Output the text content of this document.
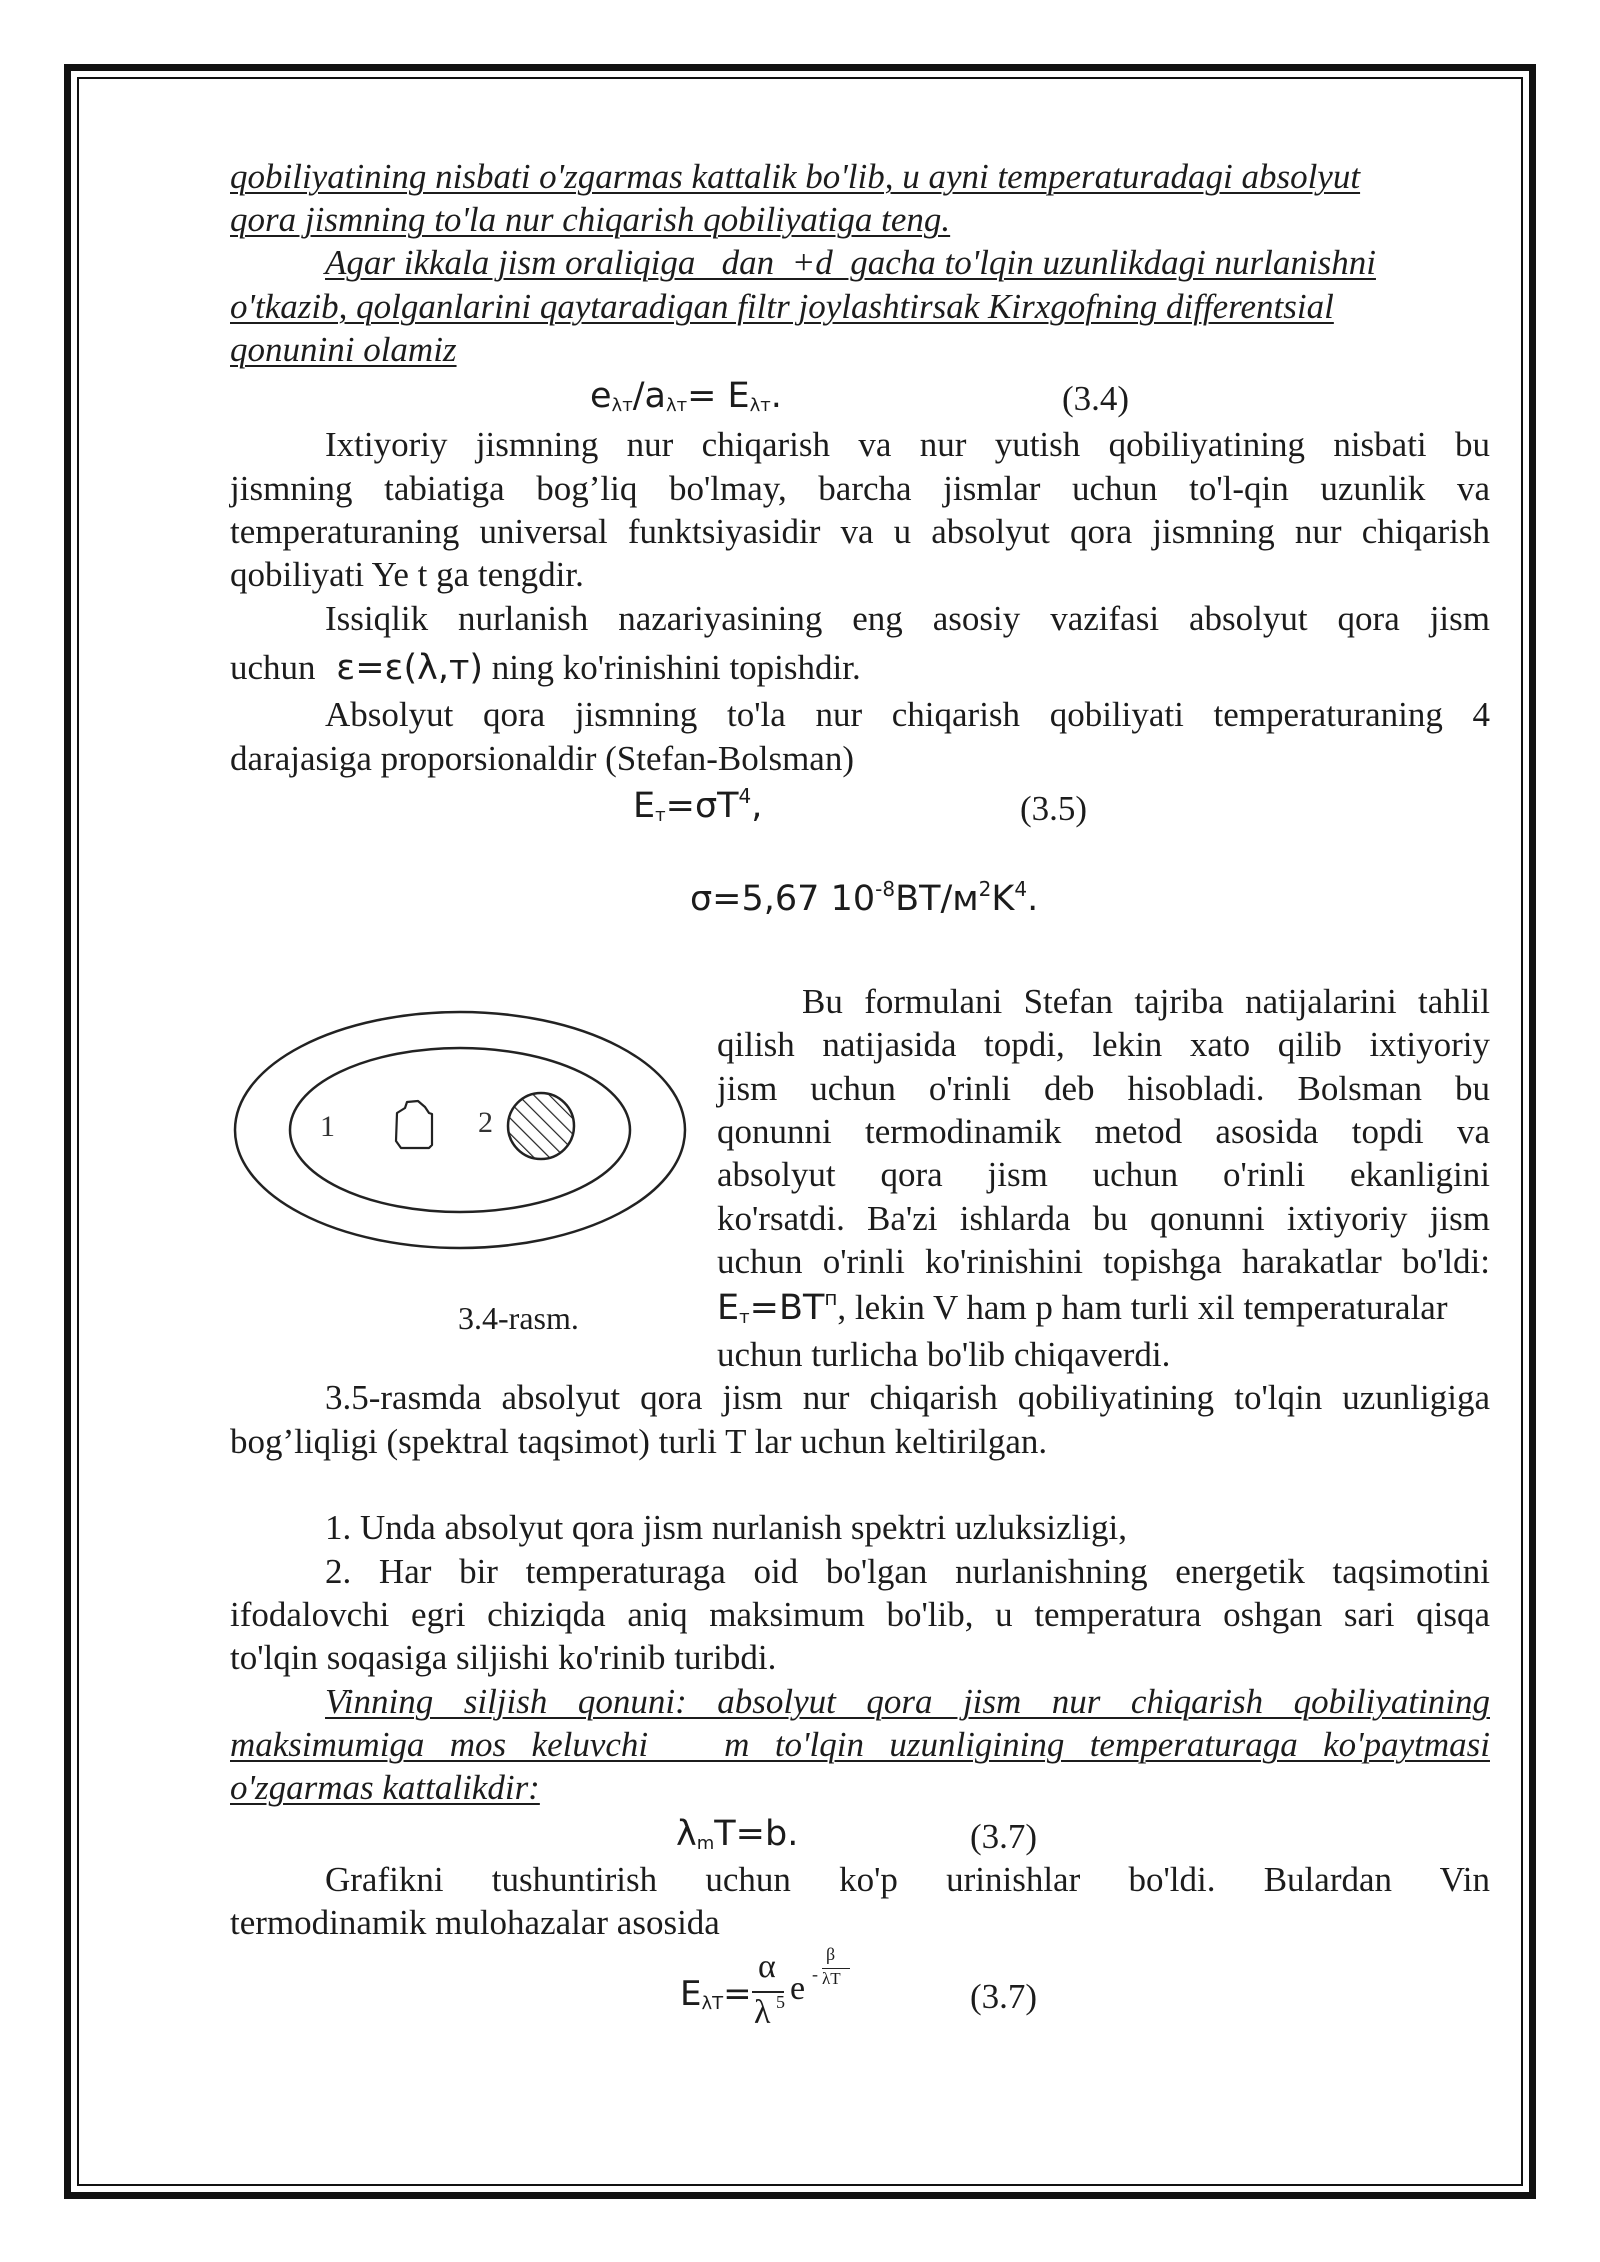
qobiliyatining nisbati o'zgarmas kattalik bo'lib, u ayni temperaturadagi absolyut
qora jismning to'la nur chiqarish qobiliyatiga teng.
Agar ikkala jism oraliqiga   dan  +d  gacha to'lqin uzunlikdagi nurlanishni
o'tkazib, qolganlarini qaytaradigan filtr joylashtirsak Kirxgofning differentsial
qonunini olamiz
$e_{\lambda т}/a_{\lambda т}= E_{\lambda т}$.	(3.4)
Ixtiyoriy jismning nur chiqarish va nur yutish qobiliyatining nisbati bu
jismning tabiatiga bog’liq bo'lmay, barcha jismlar uchun to'l-qin uzunlik va
temperaturaning universal funktsiyasidir va u absolyut qora jismning nur chiqarish
qobiliyati Ye t ga tengdir.
Issiqlik nurlanish nazariyasining eng asosiy vazifasi absolyut qora jism
uchun ε=ε(λ,т) ning ko'rinishini topishdir.
Absolyut qora jismning to'la nur chiqarish qobiliyati temperaturaning 4
darajasiga proporsionaldir (Stefan-Bolsman)
$E_т=\sigma T^4$,	(3.5)
σ=5,67 $10^{-8}ВТ/м^2K^4$.
1	2
3.4-rasm.
Bu formulani Stefan tajriba natijalarini tahlil
qilish natijasida topdi, lekin xato qilib ixtiyoriy
jism uchun o'rinli deb hisobladi. Bolsman bu
qonunni termodinamik metod asosida topdi va
absolyut qora jism uchun o'rinli ekanligini
ko'rsatdi. Ba'zi ishlarda bu qonunni ixtiyoriy jism
uchun o'rinli ko'rinishini topishga harakatlar bo'ldi:
$E_т=BT^п$, lekin V ham p ham turli xil temperaturalar
uchun turlicha bo'lib chiqaverdi.
3.5-rasmda absolyut qora jism nur chiqarish qobiliyatining to'lqin uzunligiga
bog’liqligi (spektral taqsimot) turli T lar uchun keltirilgan.
1. Unda absolyut qora jism nurlanish spektri uzluksizligi,
2. Har bir temperaturaga oid bo'lgan nurlanishning energetik taqsimotini
ifodalovchi egri chiziqda aniq maksimum bo'lib, u temperatura oshgan sari qisqa
to'lqin soqasiga siljishi ko'rinib turibdi.
Vinning siljish qonuni: absolyut qora jism nur chiqarish qobiliyatining
maksimumiga mos keluvchi   m to'lqin uzunligining temperaturaga ko'paytmasi
o'zgarmas kattalikdir:
$\lambda_mT=b$.	(3.7)
Grafikni tushuntirish uchun ko'p urinishlar bo'ldi. Bulardan Vin
termodinamik mulohazalar asosida
$E_{\lambda T}=$
α
λ 5 e -
β
λT	(3.7)
